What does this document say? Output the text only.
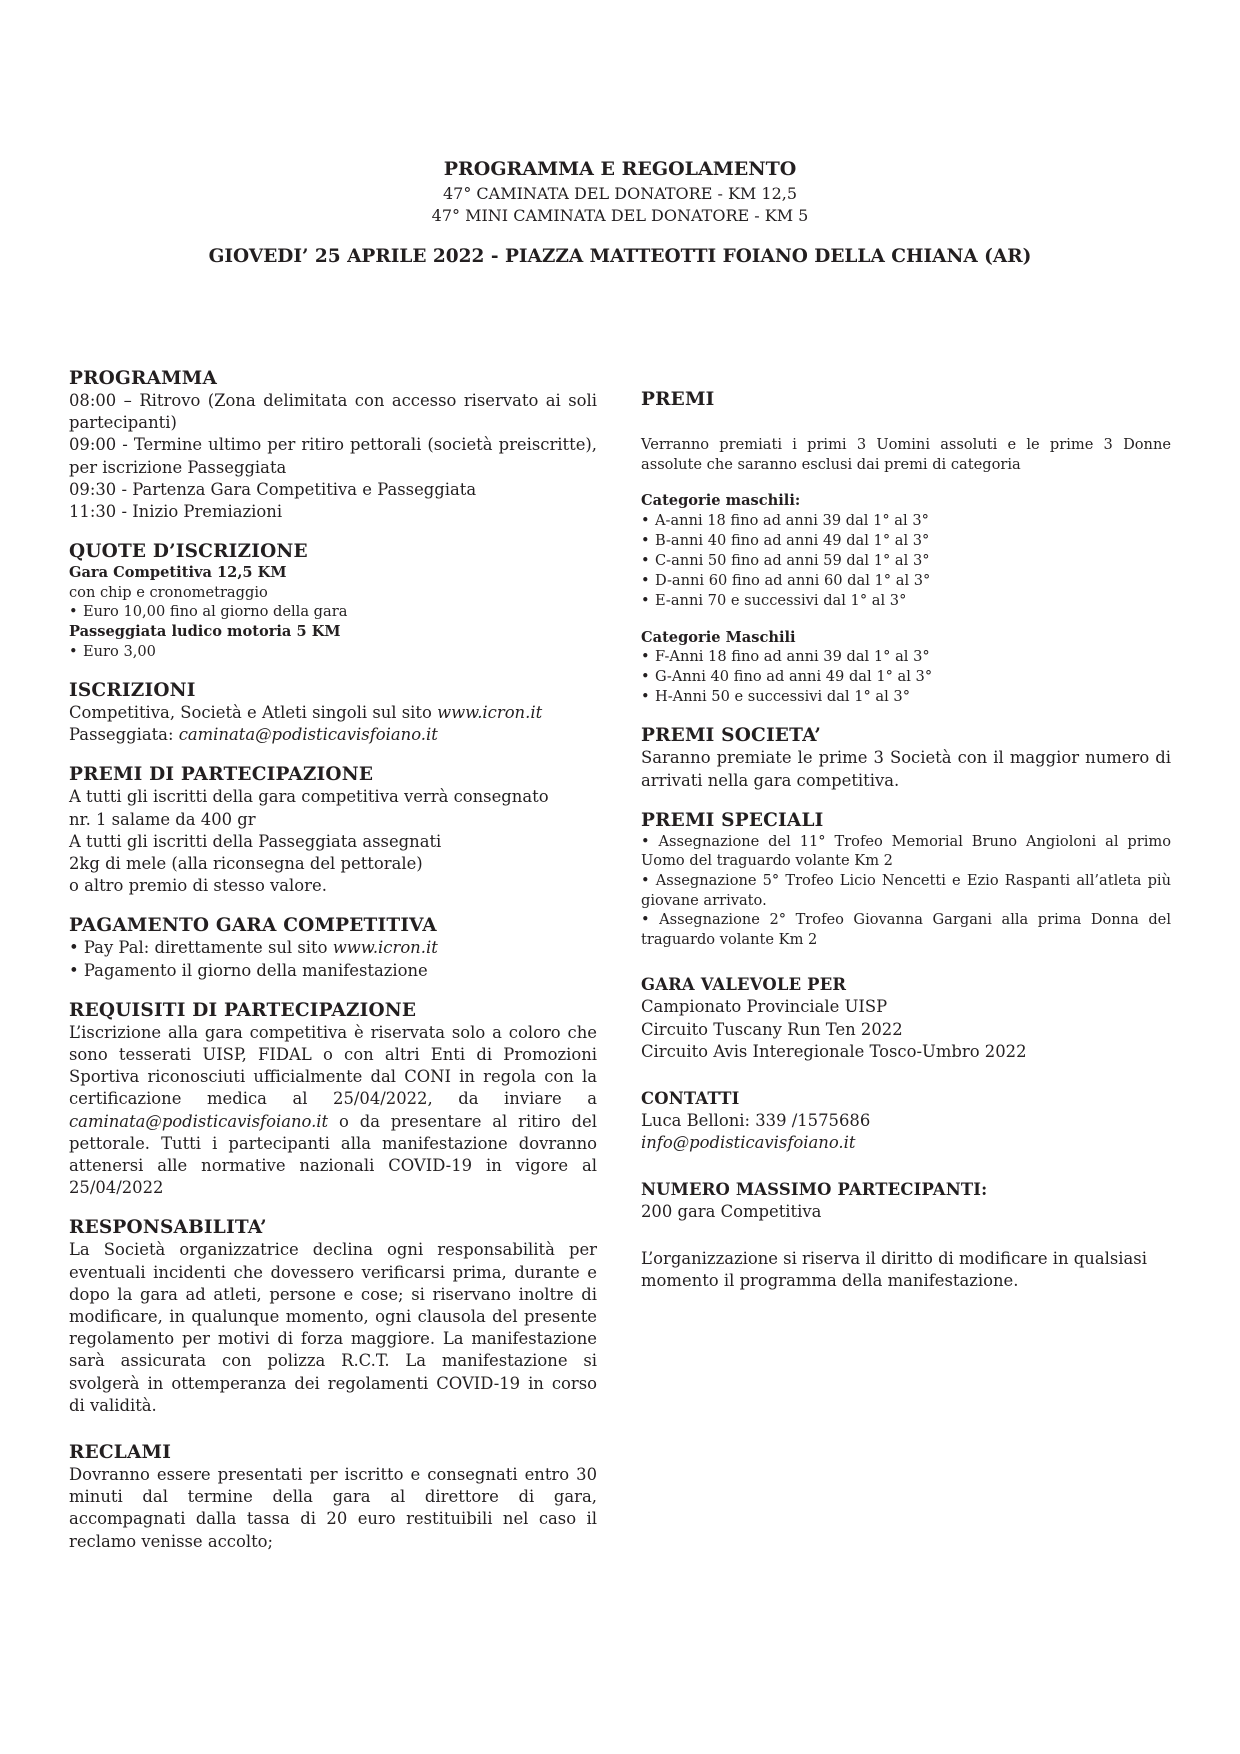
PROGRAMMA E REGOLAMENTO

47° CAMINATA DEL DONATORE - KM 12,5

47° MINI CAMINATA DEL DONATORE - KM 5

GIOVEDI’ 25 APRILE 2022 - PIAZZA MATTEOTTI FOIANO DELLA CHIANA (AR)

PROGRAMMA

08:00 – Ritrovo (Zona delimitata con accesso riservato ai soli partecipanti)

09:00 - Termine ultimo per ritiro pettorali (società preiscritte), per iscrizione Passeggiata

09:30 - Partenza Gara Competitiva e Passeggiata

11:30 - Inizio Premiazioni

QUOTE D’ISCRIZIONE

Gara Competitiva 12,5 KM

con chip e cronometraggio

• Euro 10,00 fino al giorno della gara

Passeggiata ludico motoria 5 KM

• Euro 3,00

ISCRIZIONI

Competitiva, Società e Atleti singoli sul sito www.icron.it

Passeggiata: caminata@podisticavisfoiano.it

PREMI DI PARTECIPAZIONE

A tutti gli iscritti della gara competitiva verrà consegnato

nr. 1 salame da 400 gr

A tutti gli iscritti della Passeggiata assegnati

2kg di mele (alla riconsegna del pettorale)

o altro premio di stesso valore.

PAGAMENTO GARA COMPETITIVA

• Pay Pal: direttamente sul sito www.icron.it

• Pagamento il giorno della manifestazione

REQUISITI DI PARTECIPAZIONE

L’iscrizione alla gara competitiva è riservata solo a coloro che sono tesserati UISP, FIDAL o con altri Enti di Promozioni Sportiva riconosciuti ufficialmente dal CONI in regola con la certificazione medica al 25/04/2022, da inviare a caminata@podisticavisfoiano.it o da presentare al ritiro del pettorale. Tutti i partecipanti alla manifestazione dovranno attenersi alle normative nazionali COVID-19 in vigore al 25/04/2022

RESPONSABILITA’

La Società organizzatrice declina ogni responsabilità per eventuali incidenti che dovessero verificarsi prima, durante e dopo la gara ad atleti, persone e cose; si riservano inoltre di modificare, in qualunque momento, ogni clausola del presente regolamento per motivi di forza maggiore. La manifestazione sarà assicurata con polizza R.C.T. La manifestazione si svolgerà in ottemperanza dei regolamenti COVID-19 in corso di validità.

RECLAMI

Dovranno essere presentati per iscritto e consegnati entro 30 minuti dal termine della gara al direttore di gara, accompagnati dalla tassa di 20 euro restituibili nel caso il reclamo venisse accolto;

PREMI

Verranno premiati i primi 3 Uomini assoluti e le prime 3 Donne assolute che saranno esclusi dai premi di categoria

Categorie maschili:

• A-anni 18 fino ad anni 39 dal 1° al 3°

• B-anni 40 fino ad anni 49 dal 1° al 3°

• C-anni 50 fino ad anni 59 dal 1° al 3°

• D-anni 60 fino ad anni 60 dal 1° al 3°

• E-anni 70 e successivi dal 1° al 3°

Categorie Maschili

• F-Anni 18 fino ad anni 39 dal 1° al 3°

• G-Anni 40 fino ad anni 49 dal 1° al 3°

• H-Anni 50 e successivi dal 1° al 3°

PREMI SOCIETA’

Saranno premiate le prime 3 Società con il maggior numero di arrivati nella gara competitiva.

PREMI SPECIALI

• Assegnazione del 11° Trofeo Memorial Bruno Angioloni al primo Uomo del traguardo volante Km 2

• Assegnazione 5° Trofeo Licio Nencetti e Ezio Raspanti all’atleta più giovane arrivato.

• Assegnazione 2° Trofeo Giovanna Gargani alla prima Donna del traguardo volante Km 2

GARA VALEVOLE PER

Campionato Provinciale UISP

Circuito Tuscany Run Ten 2022

Circuito Avis Interegionale Tosco-Umbro 2022

CONTATTI

Luca Belloni: 339 /1575686

info@podisticavisfoiano.it

NUMERO MASSIMO PARTECIPANTI:

200 gara Competitiva

L’organizzazione si riserva il diritto di modificare in qualsiasi momento il programma della manifestazione.
